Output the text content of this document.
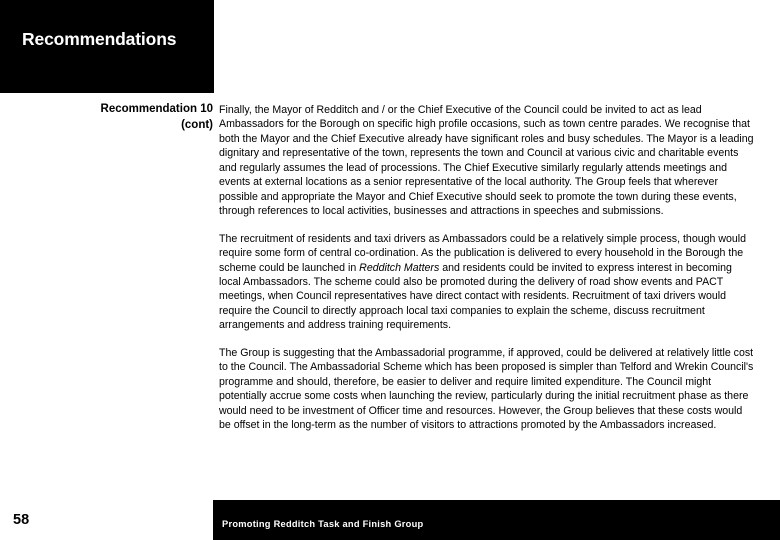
Recommendations
Recommendation 10
(cont)

Finally, the Mayor of Redditch and / or the Chief Executive of the Council could be invited to act as lead Ambassadors for the Borough on specific high profile occasions, such as town centre parades. We recognise that both the Mayor and the Chief Executive already have significant roles and busy schedules. The Mayor is a leading dignitary and representative of the town, represents the town and Council at various civic and charitable events and regularly assumes the lead of processions. The Chief Executive similarly regularly attends meetings and events at external locations as a senior representative of the local authority. The Group feels that wherever possible and appropriate the Mayor and Chief Executive should seek to promote the town during these events, through references to local activities, businesses and attractions in speeches and submissions.

The recruitment of residents and taxi drivers as Ambassadors could be a relatively simple process, though would require some form of central co-ordination. As the publication is delivered to every household in the Borough the scheme could be launched in Redditch Matters and residents could be invited to express interest in becoming local Ambassadors. The scheme could also be promoted during the delivery of road show events and PACT meetings, when Council representatives have direct contact with residents. Recruitment of taxi drivers would require the Council to directly approach local taxi companies to explain the scheme, discuss recruitment arrangements and address training requirements.

The Group is suggesting that the Ambassadorial programme, if approved, could be delivered at relatively little cost to the Council. The Ambassadorial Scheme which has been proposed is simpler than Telford and Wrekin Council's programme and should, therefore, be easier to deliver and require limited expenditure. The Council might potentially accrue some costs when launching the review, particularly during the initial recruitment phase as there would need to be investment of Officer time and resources. However, the Group believes that these costs would be offset in the long-term as the number of visitors to attractions promoted by the Ambassadors increased.

Promoting Redditch Task and Finish Group
58
